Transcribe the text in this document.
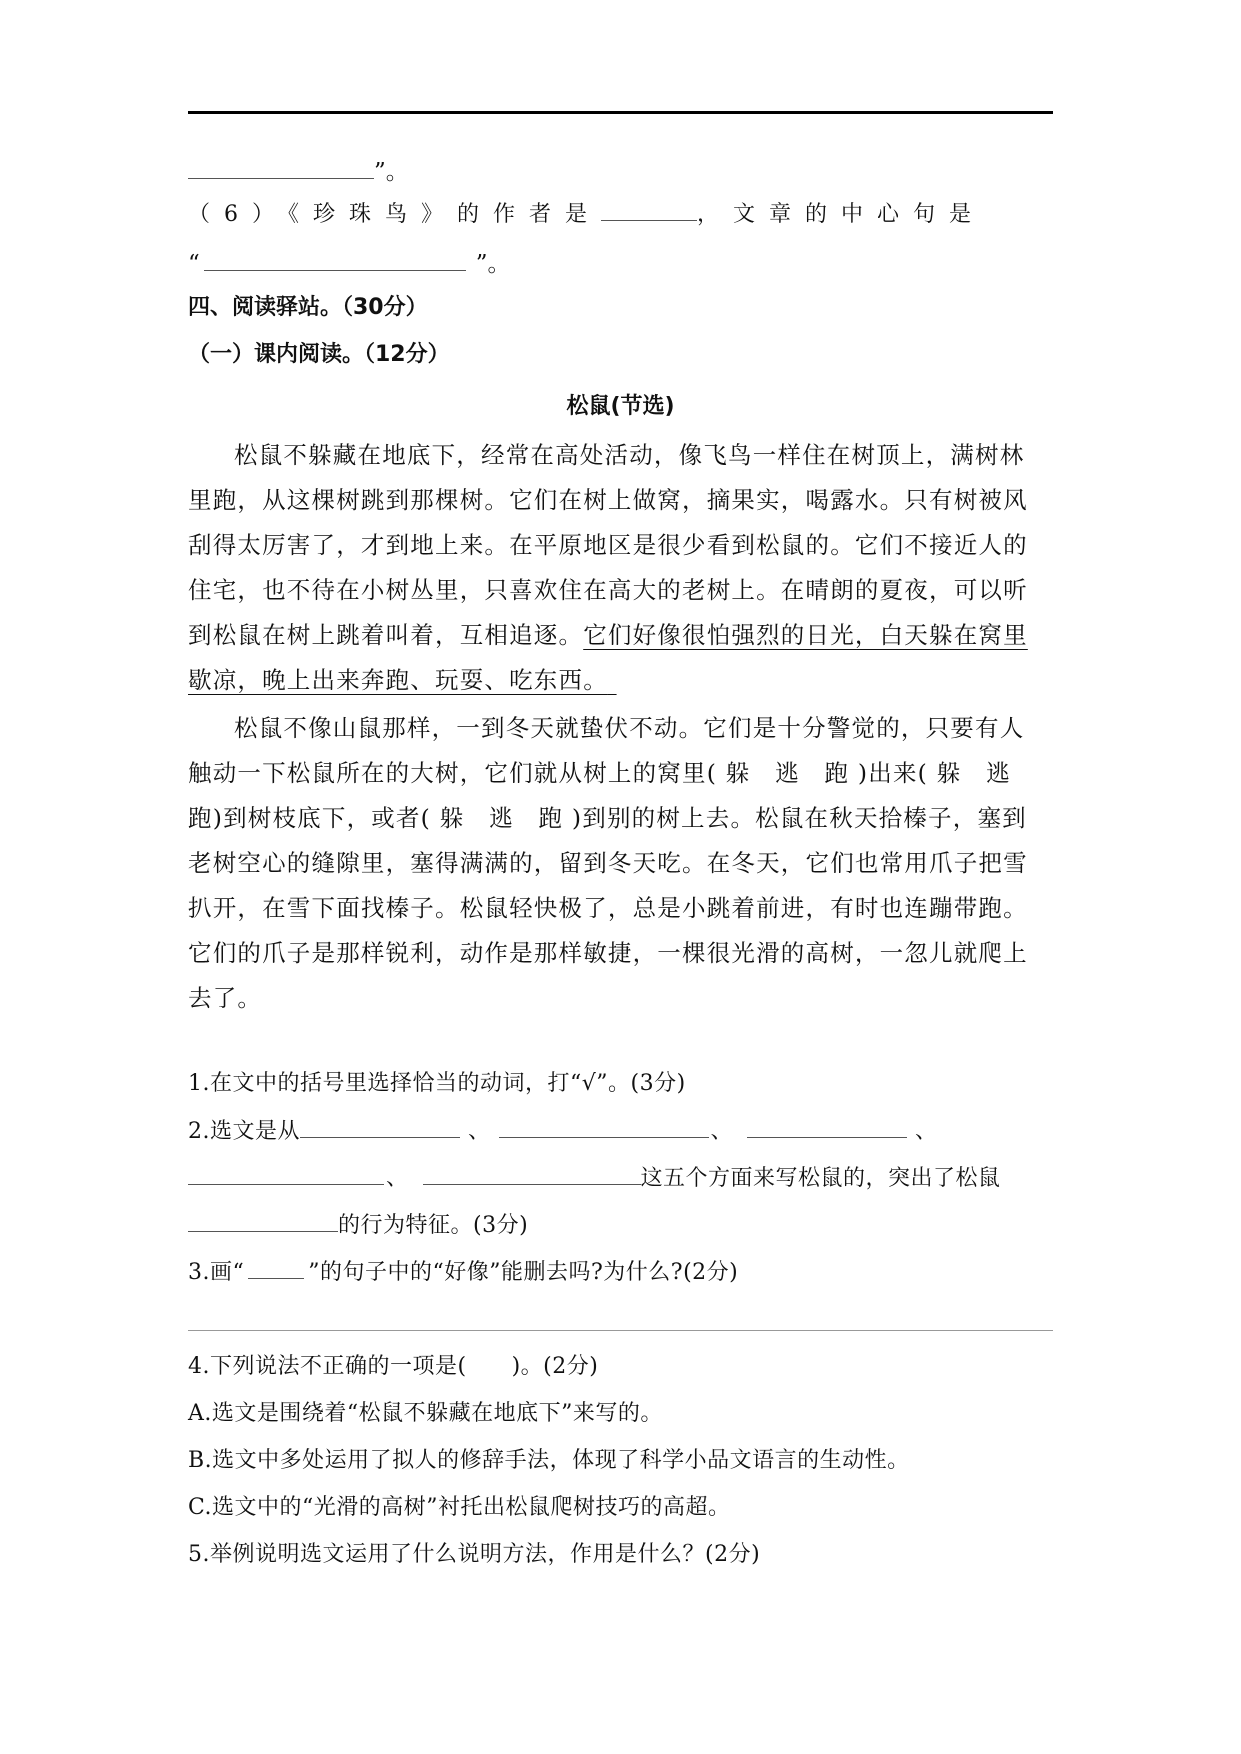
”。
（6）《珍珠鸟》的作者是	，文章的中心句是
“	”。
四、阅读驿站。（30分）
（一）课内阅读。（12分）
松鼠(节选)
松鼠不躲藏在地底下，经常在高处活动，像飞鸟一样住在树顶上，满树林
里跑，从这棵树跳到那棵树。它们在树上做窝，摘果实，喝露水。只有树被风
刮得太厉害了，才到地上来。在平原地区是很少看到松鼠的。它们不接近人的
住宅，也不待在小树丛里，只喜欢住在高大的老树上。在晴朗的夏夜，可以听
到松鼠在树上跳着叫着，互相追逐。它们好像很怕强烈的日光，白天躲在窝里
歇凉，晚上出来奔跑、玩耍、吃东西。
松鼠不像山鼠那样，一到冬天就蛰伏不动。它们是十分警觉的，只要有人
触动一下松鼠所在的大树，它们就从树上的窝里( 躲　逃　跑 )出来( 躲　逃
跑)到树枝底下，或者( 躲　逃　跑 )到别的树上去。松鼠在秋天拾榛子，塞到
老树空心的缝隙里，塞得满满的，留到冬天吃。在冬天，它们也常用爪子把雪
扒开，在雪下面找榛子。松鼠轻快极了，总是小跳着前进，有时也连蹦带跑。
它们的爪子是那样锐利，动作是那样敏捷，一棵很光滑的高树，一忽儿就爬上
去了。
1.在文中的括号里选择恰当的动词，打“√”。(3分)
2.选文是从	、	、	、
、	这五个方面来写松鼠的，突出了松鼠
的行为特征。(3分)
3.画“	”的句子中的“好像”能删去吗?为什么?(2分)
4.下列说法不正确的一项是(　　)。(2分)
A.选文是围绕着“松鼠不躲藏在地底下”来写的。
B.选文中多处运用了拟人的修辞手法，体现了科学小品文语言的生动性。
C.选文中的“光滑的高树”衬托出松鼠爬树技巧的高超。
5.举例说明选文运用了什么说明方法，作用是什么？(2分)
